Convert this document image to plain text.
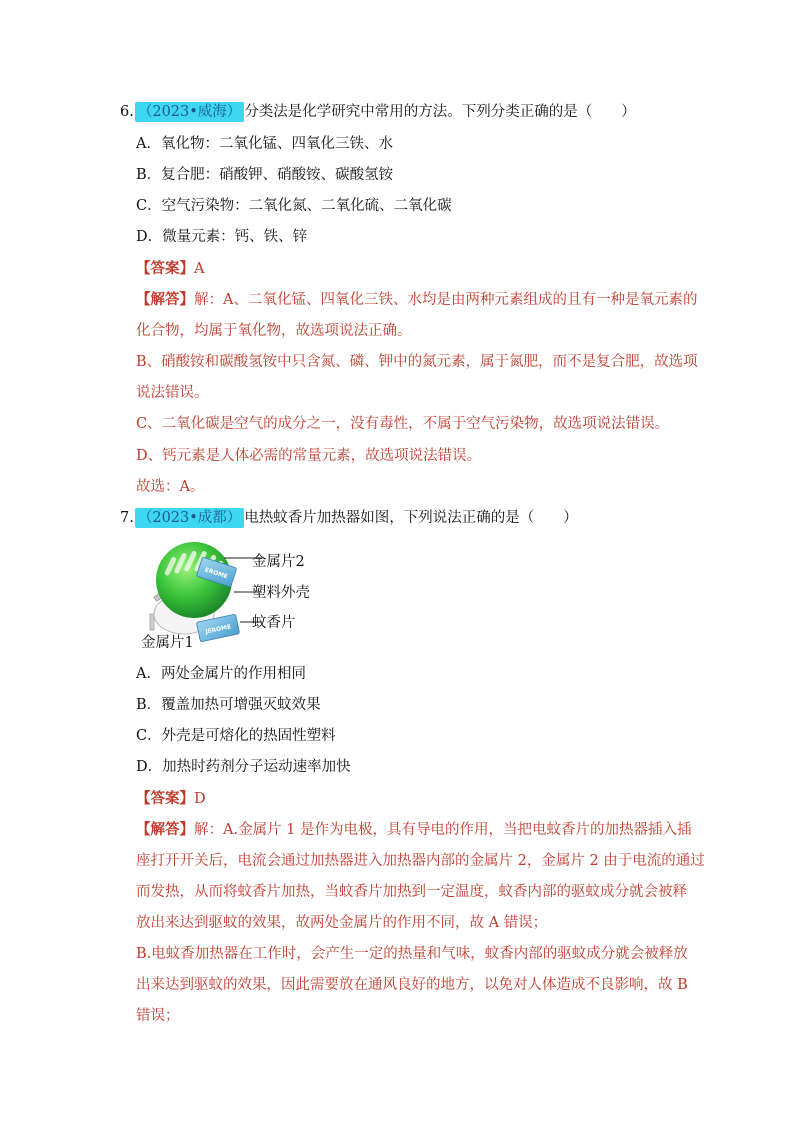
6. （2023•威海） 分类法是化学研究中常用的方法。下列分类正确的是（　　）
A．氧化物：二氧化锰、四氧化三铁、水
B．复合肥：硝酸钾、硝酸铵、碳酸氢铵
C．空气污染物：二氧化氮、二氧化硫、二氧化碳
D．微量元素：钙、铁、锌
【答案】A
【解答】解：A、二氧化锰、四氧化三铁、水均是由两种元素组成的且有一种是氧元素的
化合物，均属于氧化物，故选项说法正确。
B、硝酸铵和碳酸氢铵中只含氮、磷、钾中的氮元素，属于氮肥，而不是复合肥，故选项
说法错误。
C、二氧化碳是空气的成分之一，没有毒性，不属于空气污染物，故选项说法错误。
D、钙元素是人体必需的常量元素，故选项说法错误。
故选：A。
7. （2023•成都） 电热蚊香片加热器如图，下列说法正确的是（　　）
ЕROME
JEROME
金属片2
塑料外壳
蚊香片
金属片1
A．两处金属片的作用相同
B．覆盖加热可增强灭蚊效果
C．外壳是可熔化的热固性塑料
D．加热时药剂分子运动速率加快
【答案】D
【解答】解：A.金属片 1 是作为电极，具有导电的作用，当把电蚊香片的加热器插入插
座打开开关后，电流会通过加热器进入加热器内部的金属片 2，金属片 2 由于电流的通过
而发热，从而将蚊香片加热，当蚊香片加热到一定温度，蚊香内部的驱蚊成分就会被释
放出来达到驱蚊的效果，故两处金属片的作用不同，故 A 错误；
B.电蚊香加热器在工作时，会产生一定的热量和气味，蚊香内部的驱蚊成分就会被释放
出来达到驱蚊的效果，因此需要放在通风良好的地方，以免对人体造成不良影响，故 B
错误；
